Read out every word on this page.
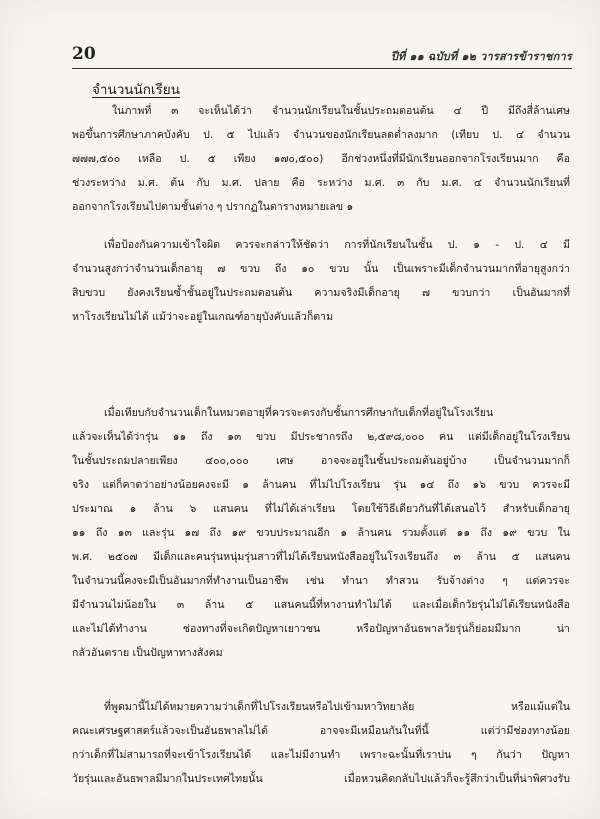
20	ปีที่ ๑๑ ฉบับที่ ๑๒ วารสารข้าราชการ
จำนวนนักเรียน
ในภาพที่ ๓ จะเห็นได้ว่า จำนวนนักเรียนในชั้นประถมตอนต้น ๔ ปี มีถึงสี่ล้านเศษ
พอขึ้นการศึกษาภาคบังคับ ป. ๕ ไปแล้ว จำนวนของนักเรียนลดต่ำลงมาก (เทียบ ป. ๔ จำนวน
๗๗๗,๕๐๐ เหลือ ป. ๕ เพียง ๑๗๐,๕๐๐) อีกช่วงหนึ่งที่มีนักเรียนออกจากโรงเรียนมาก คือ
ช่วงระหว่าง ม.ศ. ต้น กับ ม.ศ. ปลาย คือ ระหว่าง ม.ศ. ๓ กับ ม.ศ. ๔ จำนวนนักเรียนที่
ออกจากโรงเรียนไปตามชั้นต่าง ๆ ปรากฏในตารางหมายเลข ๑
เพื่อป้องกันความเข้าใจผิด ควรจะกล่าวให้ชัดว่า การที่นักเรียนในชั้น ป. ๑ - ป. ๔ มี
จำนวนสูงกว่าจำนวนเด็กอายุ ๗ ขวบ ถึง ๑๐ ขวบ นั้น เป็นเพราะมีเด็กจำนวนมากที่อายุสูงกว่า
สิบขวบ ยังคงเรียนซ้ำชั้นอยู่ในประถมตอนต้น ความจริงมีเด็กอายุ ๗ ขวบกว่า เป็นอันมากที่
หาโรงเรียนไม่ได้ แม้ว่าจะอยู่ในเกณฑ์อายุบังคับแล้วก็ตาม
เมื่อเทียบกับจำนวนเด็กในหมวดอายุที่ควรจะตรงกับชั้นการศึกษากับเด็กที่อยู่ในโรงเรียน
แล้วจะเห็นได้ว่ารุ่น ๑๑ ถึง ๑๓ ขวบ มีประชากรถึง ๒,๕๙๘,๐๐๐ คน แต่มีเด็กอยู่ในโรงเรียน
ในชั้นประถมปลายเพียง ๔๐๐,๐๐๐ เศษ อาจจะอยู่ในชั้นประถมต้นอยู่บ้าง เป็นจำนวนมากก็
จริง แต่ก็คาดว่าอย่างน้อยคงจะมี ๑ ล้านคน ที่ไม่ไปโรงเรียน รุ่น ๑๔ ถึง ๑๖ ขวบ ควรจะมี
ประมาณ ๑ ล้าน ๖ แสนคน ที่ไม่ได้เล่าเรียน โดยใช้วิธีเดียวกันที่ได้เสนอไว้ สำหรับเด็กอายุ
๑๑ ถึง ๑๓ และรุ่น ๑๗ ถึง ๑๙ ขวบประมาณอีก ๑ ล้านคน รวมตั้งแต่ ๑๑ ถึง ๑๙ ขวบ ใน
พ.ศ. ๒๕๐๗ มีเด็กและคนรุ่นหนุ่มรุ่นสาวที่ไม่ได้เรียนหนังสืออยู่ในโรงเรียนถึง ๓ ล้าน ๕ แสนคน
ในจำนวนนี้คงจะมีเป็นอันมากที่ทำงานเป็นอาชีพ เช่น ทำนา ทำสวน รับจ้างต่าง ๆ แต่ควรจะ
มีจำนวนไม่น้อยใน ๓ ล้าน ๕ แสนคนนี้ที่หางานทำไม่ได้ และเมื่อเด็กวัยรุ่นไม่ได้เรียนหนังสือ
และไม่ได้ทำงาน ช่องทางที่จะเกิดปัญหาเยาวชน หรือปัญหาอันธพาลวัยรุ่นก็ย่อมมีมาก น่า
กลัวอันตราย เป็นปัญหาทางสังคม
ที่พูดมานี้ไม่ได้หมายความว่าเด็กที่ไปโรงเรียนหรือไปเข้ามหาวิทยาลัย หรือแม้แต่ใน
คณะเศรษฐศาสตร์แล้วจะเป็นอันธพาลไม่ได้ อาจจะมีเหมือนกันในที่นี้ แต่ว่ามีช่องทางน้อย
กว่าเด็กที่ไม่สามารถที่จะเข้าโรงเรียนได้ และไม่มีงานทำ เพราะฉะนั้นที่เราบ่น ๆ กันว่า ปัญหา
วัยรุ่นและอันธพาลมีมากในประเทศไทยนั้น เมื่อหวนคิดกลับไปแล้วก็จะรู้สึกว่าเป็นที่น่าพิศวงรับ
